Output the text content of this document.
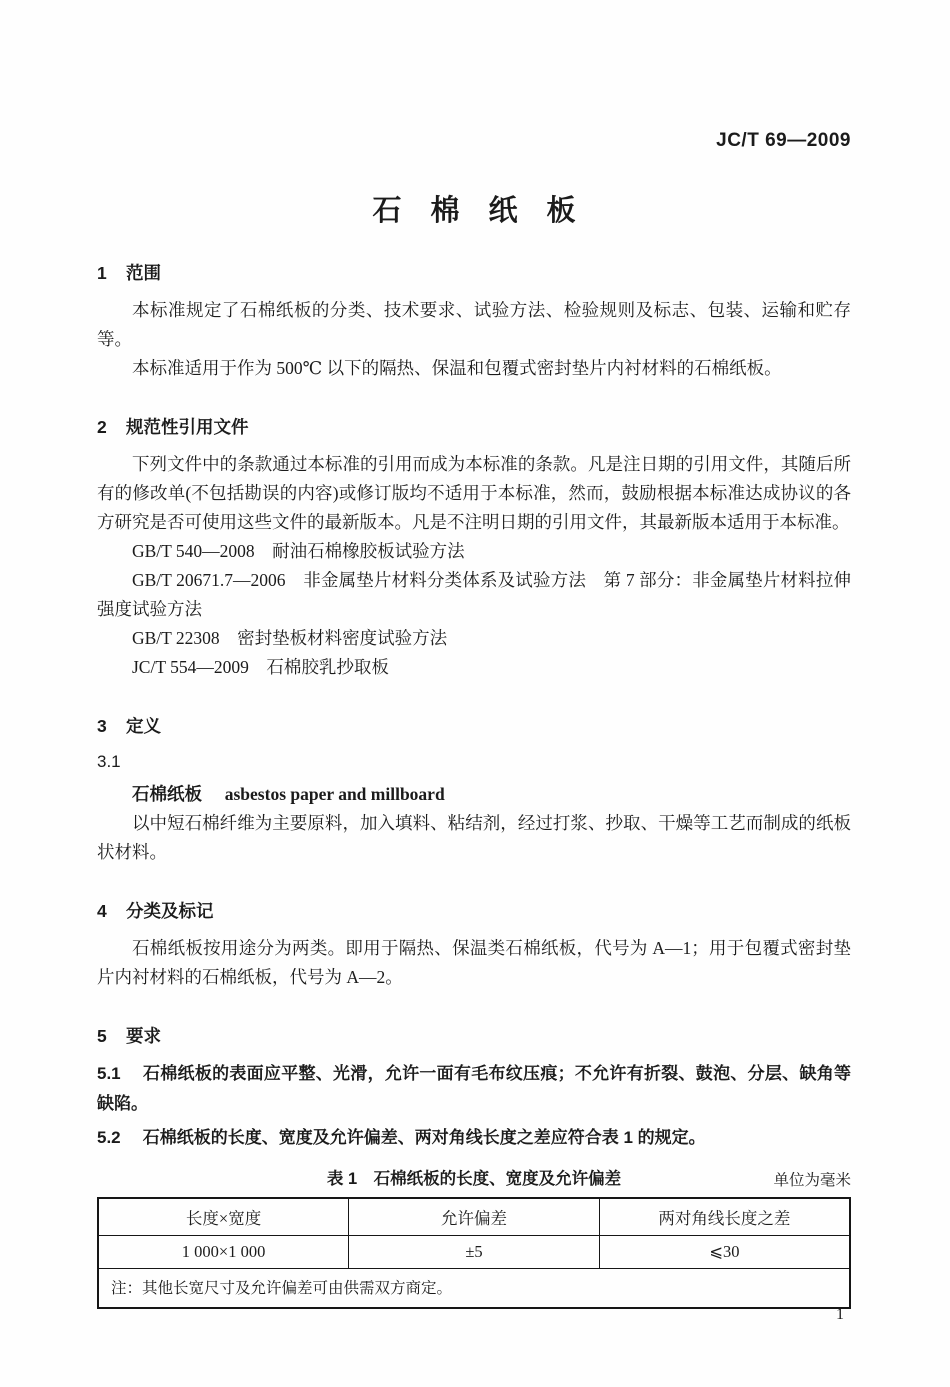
JC/T 69—2009
石棉纸板
1 范围

本标准规定了石棉纸板的分类、技术要求、试验方法、检验规则及标志、包装、运输和贮存等。

本标准适用于作为 500℃ 以下的隔热、保温和包覆式密封垫片内衬材料的石棉纸板。

2 规范性引用文件

下列文件中的条款通过本标准的引用而成为本标准的条款。凡是注日期的引用文件，其随后所有的修改单(不包括勘误的内容)或修订版均不适用于本标准，然而，鼓励根据本标准达成协议的各方研究是否可使用这些文件的最新版本。凡是不注明日期的引用文件，其最新版本适用于本标准。

GB/T 540—2008　耐油石棉橡胶板试验方法

GB/T 20671.7—2006　非金属垫片材料分类体系及试验方法　第 7 部分：非金属垫片材料拉伸强度试验方法

GB/T 22308　密封垫板材料密度试验方法

JC/T 554—2009　石棉胶乳抄取板

3 定义

3.1

石棉纸板 asbestos paper and millboard

以中短石棉纤维为主要原料，加入填料、粘结剂，经过打浆、抄取、干燥等工艺而制成的纸板状材料。

4 分类及标记

石棉纸板按用途分为两类。即用于隔热、保温类石棉纸板，代号为 A—1；用于包覆式密封垫片内衬材料的石棉纸板，代号为 A—2。

5 要求

5.1 石棉纸板的表面应平整、光滑，允许一面有毛布纹压痕；不允许有折裂、鼓泡、分层、缺角等缺陷。

5.2 石棉纸板的长度、宽度及允许偏差、两对角线长度之差应符合表 1 的规定。

表 1　石棉纸板的长度、宽度及允许偏差	单位为毫米
长度×宽度	允许偏差	两对角线长度之差
1 000×1 000	±5	⩽30
注：其他长宽尺寸及允许偏差可由供需双方商定。		
1
